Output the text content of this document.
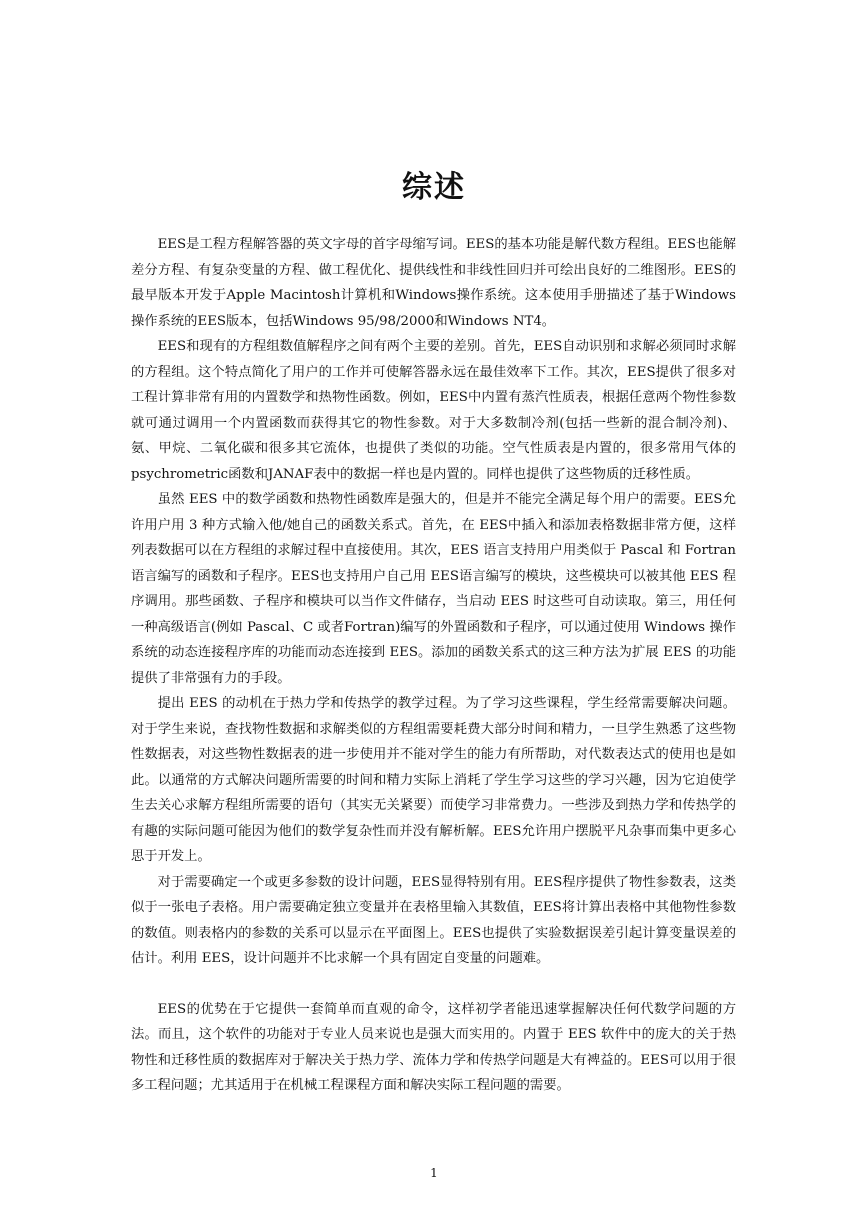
综述

EES是工程方程解答器的英文字母的首字母缩写词。EES的基本功能是解代数方程组。EES也能解差分方程、有复杂变量的方程、做工程优化、提供线性和非线性回归并可绘出良好的二维图形。EES的最早版本开发于Apple Macintosh计算机和Windows操作系统。这本使用手册描述了基于Windows操作系统的EES版本，包括Windows 95/98/2000和Windows NT4。

EES和现有的方程组数值解程序之间有两个主要的差别。首先，EES自动识别和求解必须同时求解的方程组。这个特点简化了用户的工作并可使解答器永远在最佳效率下工作。其次，EES提供了很多对工程计算非常有用的内置数学和热物性函数。例如，EES中内置有蒸汽性质表，根据任意两个物性参数就可通过调用一个内置函数而获得其它的物性参数。对于大多数制冷剂(包括一些新的混合制冷剂)、氨、甲烷、二氧化碳和很多其它流体，也提供了类似的功能。空气性质表是内置的，很多常用气体的psychrometric函数和JANAF表中的数据一样也是内置的。同样也提供了这些物质的迁移性质。

虽然 EES 中的数学函数和热物性函数库是强大的，但是并不能完全满足每个用户的需要。EES允许用户用 3 种方式输入他/她自己的函数关系式。首先，在 EES中插入和添加表格数据非常方便，这样列表数据可以在方程组的求解过程中直接使用。其次，EES 语言支持用户用类似于 Pascal 和 Fortran 语言编写的函数和子程序。EES也支持用户自己用 EES语言编写的模块，这些模块可以被其他 EES 程序调用。那些函数、子程序和模块可以当作文件储存，当启动 EES 时这些可自动读取。第三，用任何一种高级语言(例如 Pascal、C 或者Fortran)编写的外置函数和子程序，可以通过使用 Windows 操作系统的动态连接程序库的功能而动态连接到 EES。添加的函数关系式的这三种方法为扩展 EES 的功能提供了非常强有力的手段。

提出 EES 的动机在于热力学和传热学的教学过程。为了学习这些课程，学生经常需要解决问题。对于学生来说，查找物性数据和求解类似的方程组需要耗费大部分时间和精力，一旦学生熟悉了这些物性数据表，对这些物性数据表的进一步使用并不能对学生的能力有所帮助，对代数表达式的使用也是如此。以通常的方式解决问题所需要的时间和精力实际上消耗了学生学习这些的学习兴趣，因为它迫使学生去关心求解方程组所需要的语句（其实无关紧要）而使学习非常费力。一些涉及到热力学和传热学的有趣的实际问题可能因为他们的数学复杂性而并没有解析解。EES允许用户摆脱平凡杂事而集中更多心思于开发上。

对于需要确定一个或更多参数的设计问题，EES显得特别有用。EES程序提供了物性参数表，这类似于一张电子表格。用户需要确定独立变量并在表格里输入其数值，EES将计算出表格中其他物性参数的数值。则表格内的参数的关系可以显示在平面图上。EES也提供了实验数据误差引起计算变量误差的估计。利用 EES，设计问题并不比求解一个具有固定自变量的问题难。

EES的优势在于它提供一套简单而直观的命令，这样初学者能迅速掌握解决任何代数学问题的方法。而且，这个软件的功能对于专业人员来说也是强大而实用的。内置于 EES 软件中的庞大的关于热物性和迁移性质的数据库对于解决关于热力学、流体力学和传热学问题是大有裨益的。EES可以用于很多工程问题；尤其适用于在机械工程课程方面和解决实际工程问题的需要。

1
